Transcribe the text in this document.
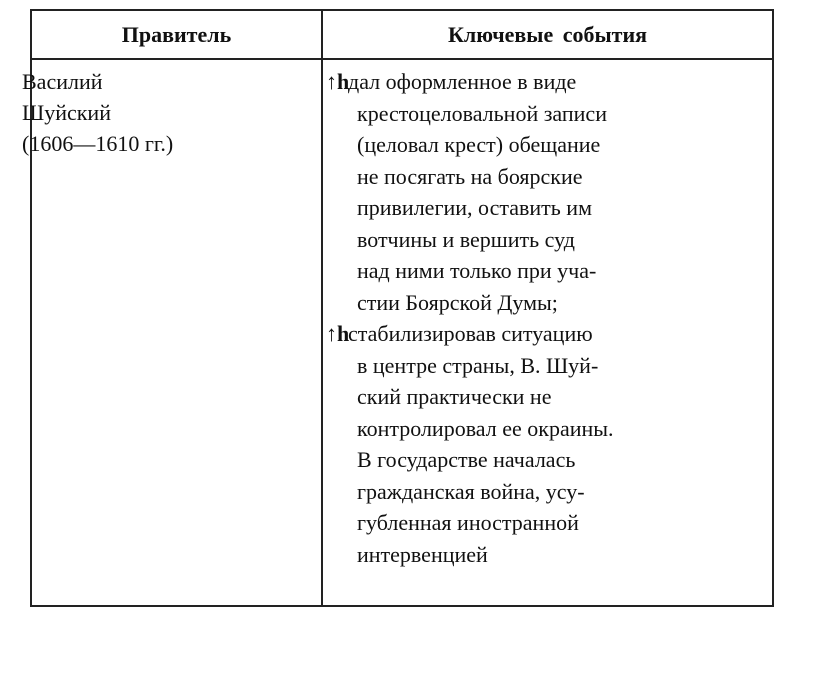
Правитель	Ключевые события
Василий
Шуйский
(1606—1610 гг.)
↑h
дал оформленное в виде
крестоцеловальной записи
(целовал крест) обещание
не посягать на боярские
привилегии, оставить им
вотчины и вершить суд
над ними только при уча-
стии Боярской Думы;
↑h
стабилизировав ситуацию
в центре страны, В. Шуй-
ский практически не
контролировал ее окраины.
В государстве началась
гражданская война, усу-
губленная иностранной
интервенцией
